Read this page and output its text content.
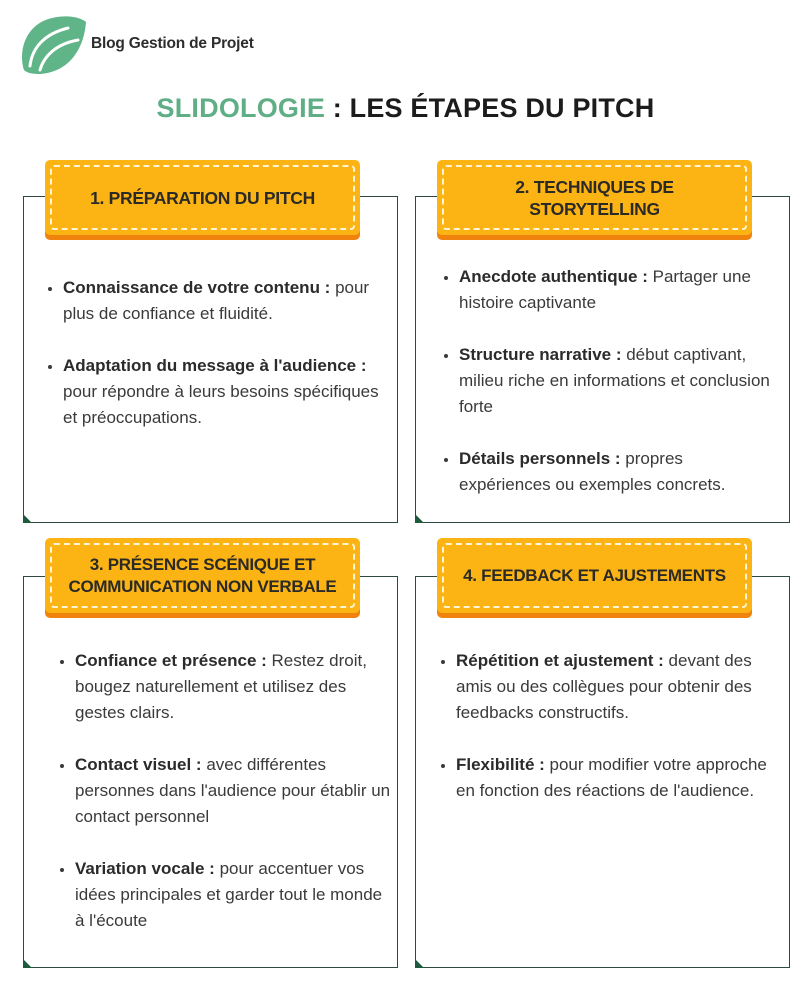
Blog Gestion de Projet
SLIDOLOGIE : LES ÉTAPES DU PITCH
1. PRÉPARATION DU PITCH
• Connaissance de votre contenu : pour plus de confiance et fluidité.
• Adaptation du message à l'audience : pour répondre à leurs besoins spécifiques et préoccupations.
2. TECHNIQUES DE STORYTELLING
• Anecdote authentique : Partager une histoire captivante
• Structure narrative : début captivant, milieu riche en informations et conclusion forte
• Détails personnels : propres expériences ou exemples concrets.
3. PRÉSENCE SCÉNIQUE ET COMMUNICATION NON VERBALE
• Confiance et présence : Restez droit, bougez naturellement et utilisez des gestes clairs.
• Contact visuel : avec différentes personnes dans l'audience pour établir un contact personnel
• Variation vocale : pour accentuer vos idées principales et garder tout le monde à l'écoute
4. FEEDBACK ET AJUSTEMENTS
• Répétition et ajustement : devant des amis ou des collègues pour obtenir des feedbacks constructifs.
• Flexibilité : pour modifier votre approche en fonction des réactions de l'audience.
